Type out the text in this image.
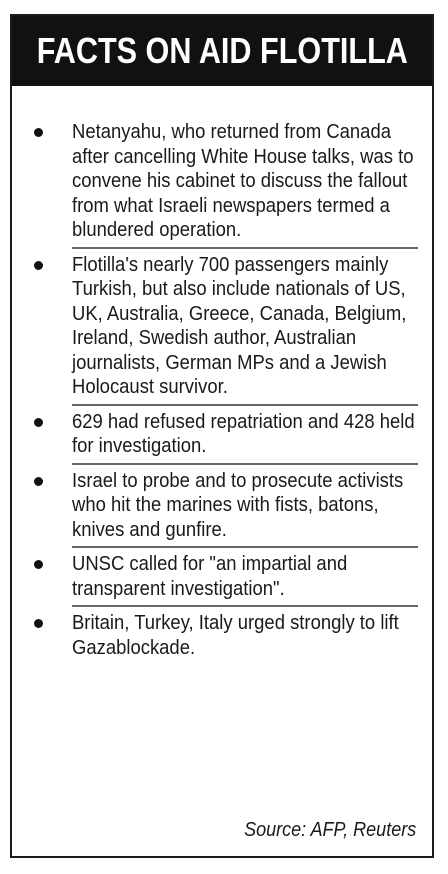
FACTS ON AID FLOTILLA
Netanyahu, who returned from Canada after cancelling White House talks, was to convene his cabinet to discuss the fallout from what Israeli newspapers termed a blundered operation.
Flotilla's nearly 700 passengers mainly Turkish, but also include nationals of US, UK, Australia, Greece, Canada, Belgium, Ireland, Swedish author, Australian journalists, German MPs and a Jewish Holocaust survivor.
629 had refused repatriation and 428 held for investigation.
Israel to probe and to prosecute activists who hit the marines with fists, batons, knives and gunfire.
UNSC called for "an impartial and transparent investigation".
Britain, Turkey, Italy urged strongly to lift Gazablockade.
Source: AFP, Reuters
